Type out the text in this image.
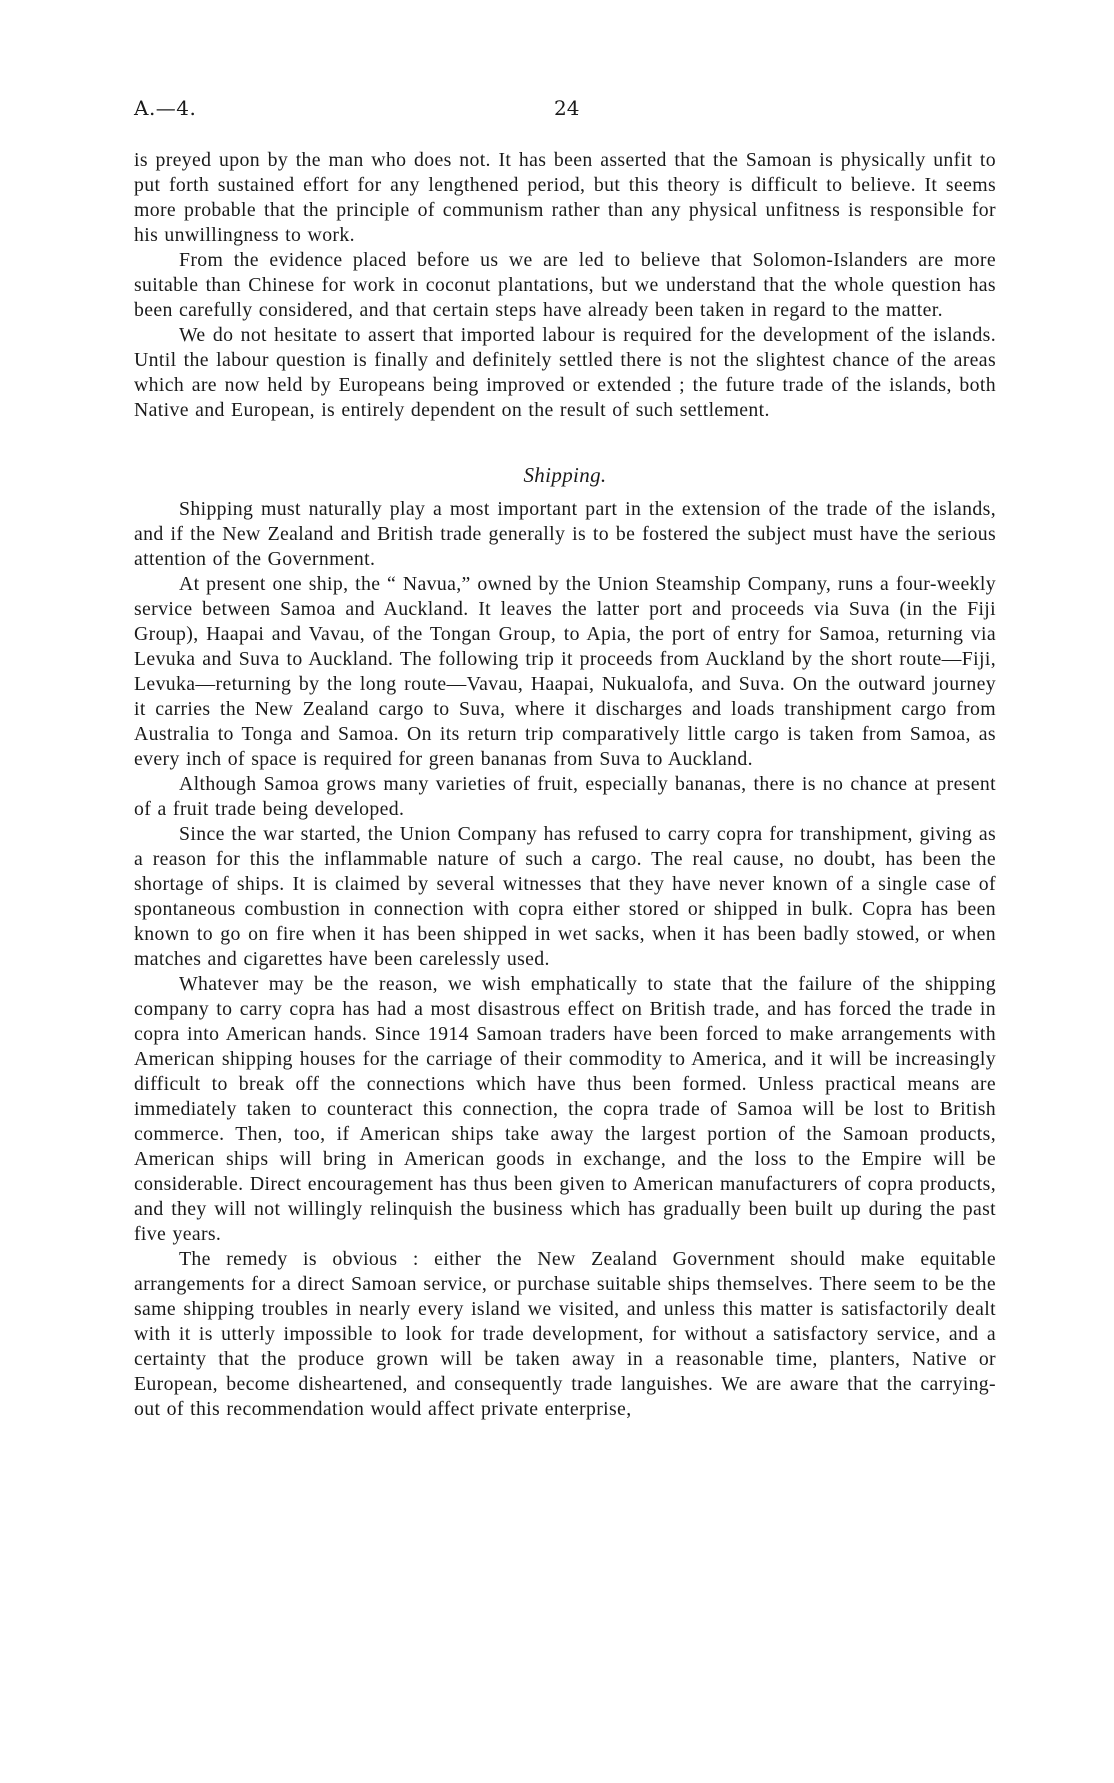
A.—4.	24

is preyed upon by the man who does not. It has been asserted that the Samoan is physically unfit to put forth sustained effort for any lengthened period, but this theory is difficult to believe. It seems more probable that the principle of communism rather than any physical unfitness is responsible for his unwillingness to work.

From the evidence placed before us we are led to believe that Solomon-Islanders are more suitable than Chinese for work in coconut plantations, but we understand that the whole question has been carefully considered, and that certain steps have already been taken in regard to the matter.

We do not hesitate to assert that imported labour is required for the development of the islands. Until the labour question is finally and definitely settled there is not the slightest chance of the areas which are now held by Europeans being improved or extended ; the future trade of the islands, both Native and European, is entirely dependent on the result of such settlement.

Shipping.

Shipping must naturally play a most important part in the extension of the trade of the islands, and if the New Zealand and British trade generally is to be fostered the subject must have the serious attention of the Government.

At present one ship, the “ Navua,” owned by the Union Steamship Company, runs a four-weekly service between Samoa and Auckland. It leaves the latter port and proceeds via Suva (in the Fiji Group), Haapai and Vavau, of the Tongan Group, to Apia, the port of entry for Samoa, returning via Levuka and Suva to Auckland. The following trip it proceeds from Auckland by the short route—Fiji, Levuka—returning by the long route—Vavau, Haapai, Nukualofa, and Suva. On the outward journey it carries the New Zealand cargo to Suva, where it discharges and loads transhipment cargo from Australia to Tonga and Samoa. On its return trip comparatively little cargo is taken from Samoa, as every inch of space is required for green bananas from Suva to Auckland.

Although Samoa grows many varieties of fruit, especially bananas, there is no chance at present of a fruit trade being developed.

Since the war started, the Union Company has refused to carry copra for transhipment, giving as a reason for this the inflammable nature of such a cargo. The real cause, no doubt, has been the shortage of ships. It is claimed by several witnesses that they have never known of a single case of spontaneous combustion in connection with copra either stored or shipped in bulk. Copra has been known to go on fire when it has been shipped in wet sacks, when it has been badly stowed, or when matches and cigarettes have been carelessly used.

Whatever may be the reason, we wish emphatically to state that the failure of the shipping company to carry copra has had a most disastrous effect on British trade, and has forced the trade in copra into American hands. Since 1914 Samoan traders have been forced to make arrangements with American shipping houses for the carriage of their commodity to America, and it will be increasingly difficult to break off the connections which have thus been formed. Unless practical means are immediately taken to counteract this connection, the copra trade of Samoa will be lost to British commerce. Then, too, if American ships take away the largest portion of the Samoan products, American ships will bring in American goods in exchange, and the loss to the Empire will be considerable. Direct encouragement has thus been given to American manufacturers of copra products, and they will not willingly relinquish the business which has gradually been built up during the past five years.

The remedy is obvious : either the New Zealand Government should make equitable arrangements for a direct Samoan service, or purchase suitable ships themselves. There seem to be the same shipping troubles in nearly every island we visited, and unless this matter is satisfactorily dealt with it is utterly impossible to look for trade development, for without a satisfactory service, and a certainty that the produce grown will be taken away in a reasonable time, planters, Native or European, become disheartened, and consequently trade languishes. We are aware that the carrying-out of this recommendation would affect private enterprise,
